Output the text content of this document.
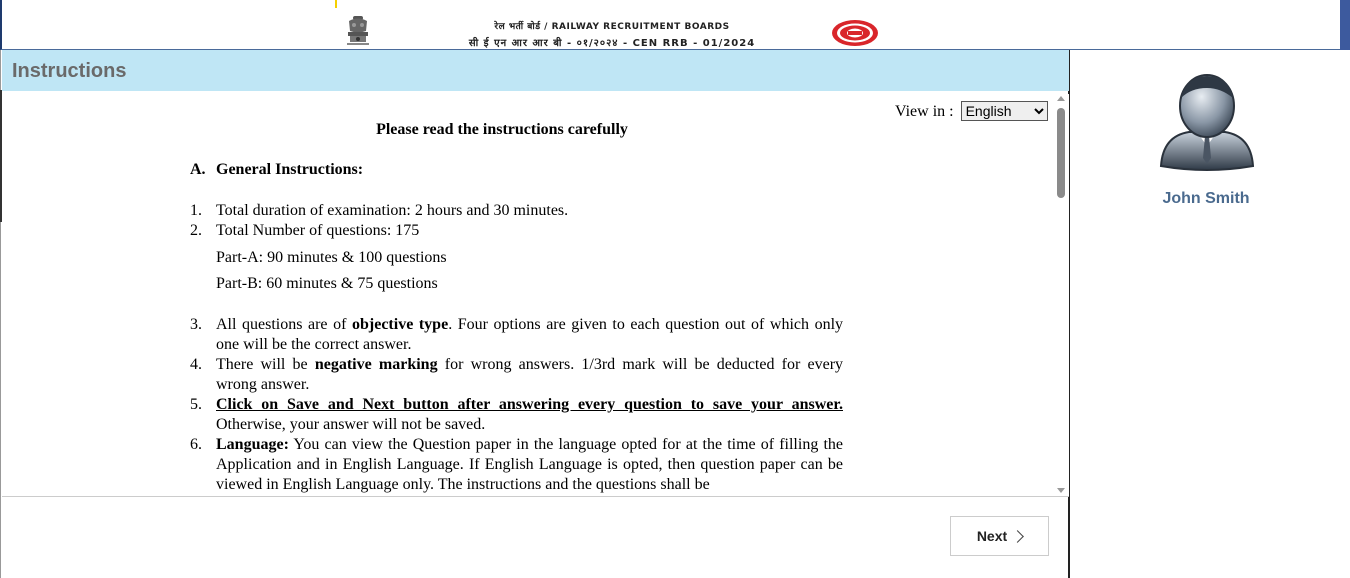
रेल भर्ती बोर्ड / RAILWAY RECRUITMENT BOARDS
सी ई एन आर आर बी - ०१/२०२४ - CEN RRB - 01/2024
Instructions
View in :
English
Please read the instructions carefully
A. General Instructions:
1. Total duration of examination: 2 hours and 30 minutes.
2. Total Number of questions: 175
Part-A: 90 minutes & 100 questions
Part-B: 60 minutes & 75 questions
3. All questions are of objective type. Four options are given to each question out of which only one will be the correct answer.
4. There will be negative marking for wrong answers. 1/3rd mark will be deducted for every wrong answer.
5. Click on Save and Next button after answering every question to save your answer. Otherwise, your answer will not be saved.
6. Language: You can view the Question paper in the language opted for at the time of filling the Application and in English Language. If English Language is opted, then question paper can be viewed in English Language only. The instructions and the questions shall be
Next
John Smith
